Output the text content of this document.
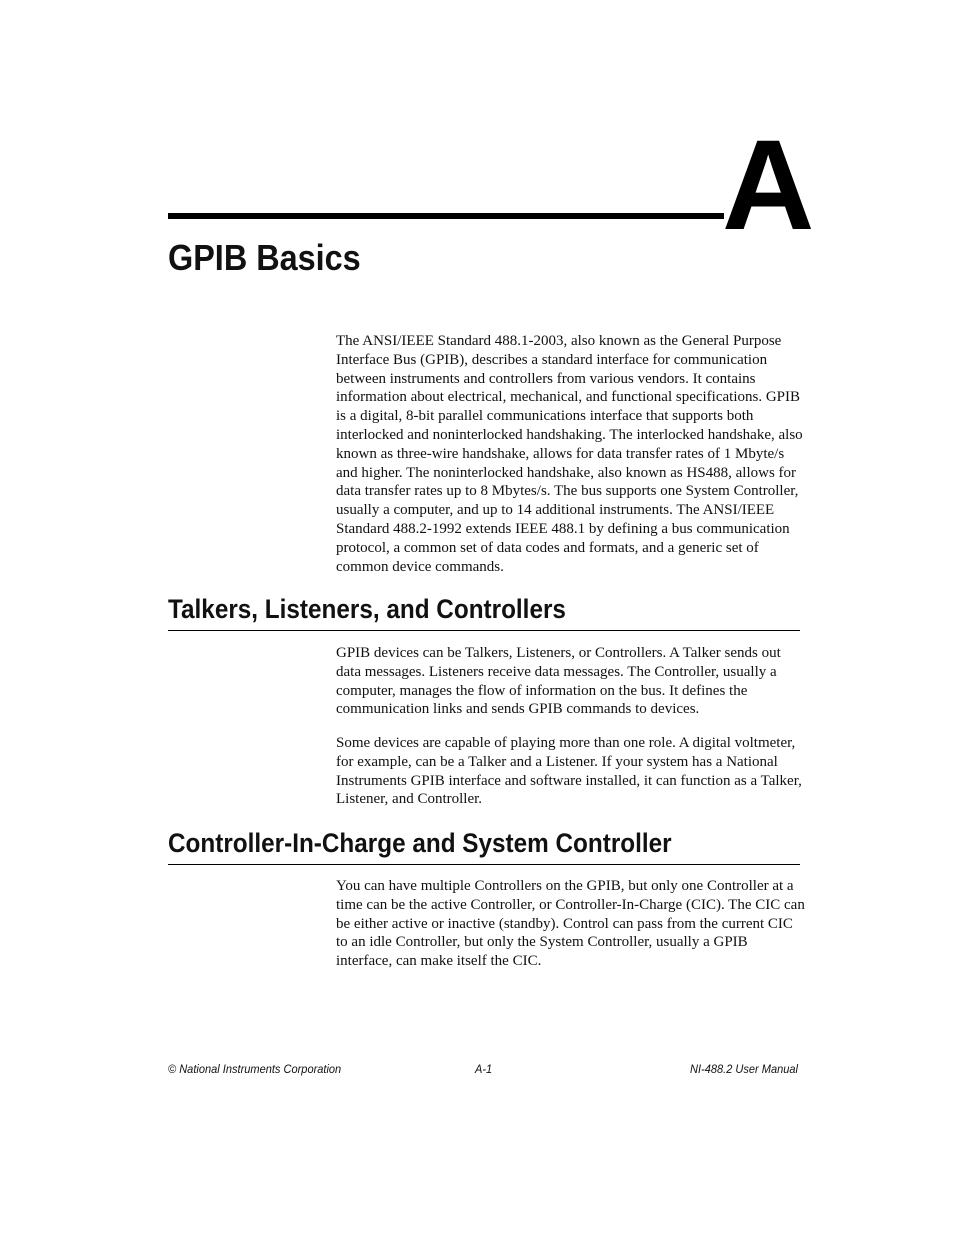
A
GPIB Basics

The ANSI/IEEE Standard 488.1-2003, also known as the General Purpose Interface Bus (GPIB), describes a standard interface for communication between instruments and controllers from various vendors. It contains information about electrical, mechanical, and functional specifications. GPIB is a digital, 8-bit parallel communications interface that supports both interlocked and noninterlocked handshaking. The interlocked handshake, also known as three-wire handshake, allows for data transfer rates of 1 Mbyte/s and higher. The noninterlocked handshake, also known as HS488, allows for data transfer rates up to 8 Mbytes/s. The bus supports one System Controller, usually a computer, and up to 14 additional instruments. The ANSI/IEEE Standard 488.2-1992 extends IEEE 488.1 by defining a bus communication protocol, a common set of data codes and formats, and a generic set of common device commands.

Talkers, Listeners, and Controllers

GPIB devices can be Talkers, Listeners, or Controllers. A Talker sends out data messages. Listeners receive data messages. The Controller, usually a computer, manages the flow of information on the bus. It defines the communication links and sends GPIB commands to devices.

Some devices are capable of playing more than one role. A digital voltmeter, for example, can be a Talker and a Listener. If your system has a National Instruments GPIB interface and software installed, it can function as a Talker, Listener, and Controller.

Controller-In-Charge and System Controller

You can have multiple Controllers on the GPIB, but only one Controller at a time can be the active Controller, or Controller-In-Charge (CIC). The CIC can be either active or inactive (standby). Control can pass from the current CIC to an idle Controller, but only the System Controller, usually a GPIB interface, can make itself the CIC.

© National Instruments Corporation	A-1	NI-488.2 User Manual
